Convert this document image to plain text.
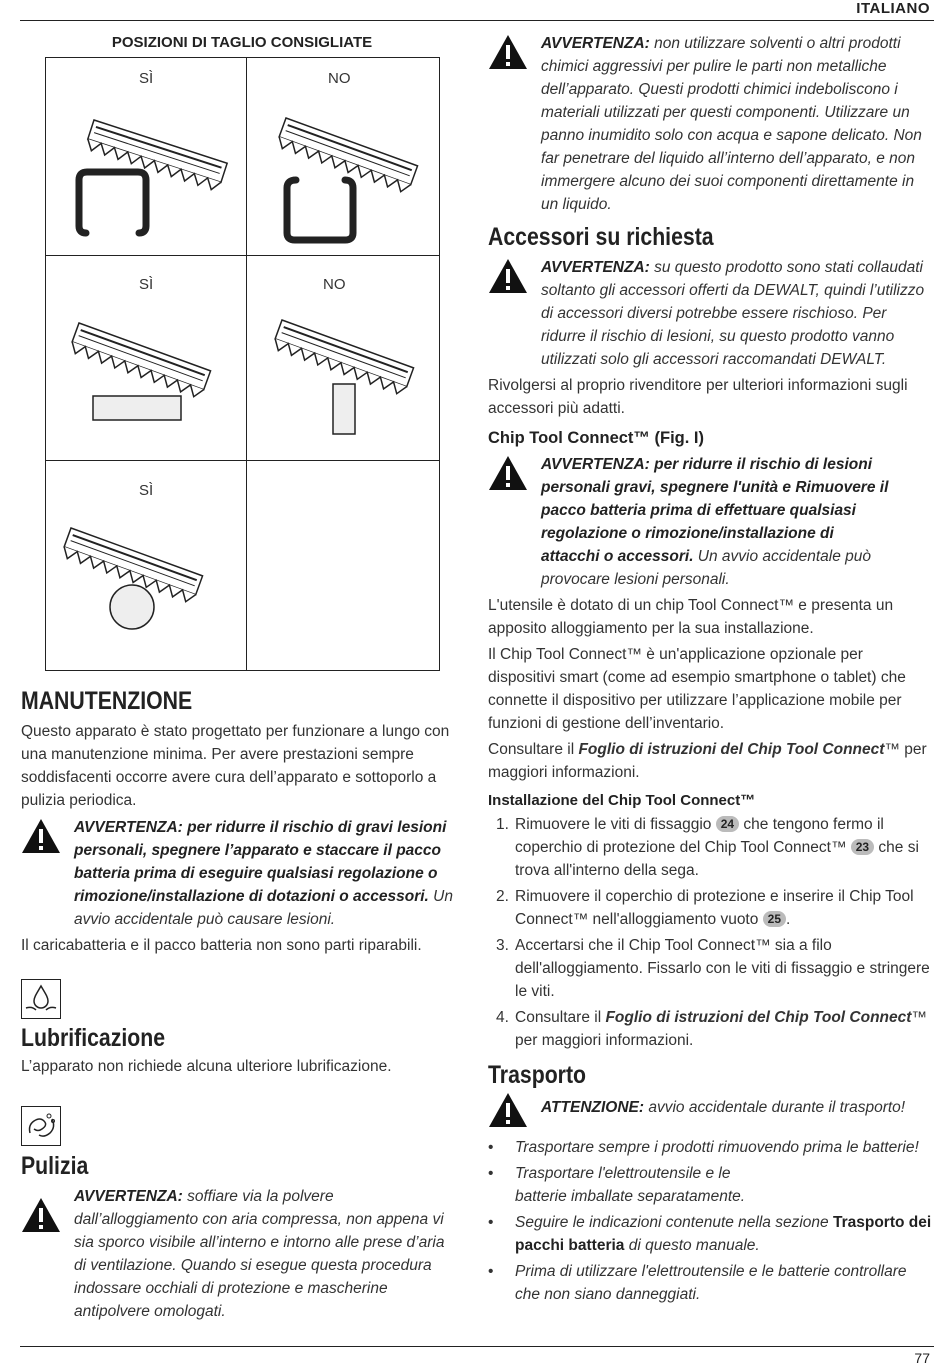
ITALIANO
POSIZIONI DI TAGLIO CONSIGLIATE
SÌ	NO
SÌ	NO
SÌ
MANUTENZIONE

Questo apparato è stato progettato per funzionare a lungo con una manutenzione minima. Per avere prestazioni sempre soddisfacenti occorre avere cura dell’apparato e sottoporlo a pulizia periodica.

AVVERTENZA: per ridurre il rischio di gravi lesioni personali, spegnere l’apparato e staccare il pacco batteria prima di eseguire qualsiasi regolazione o rimozione/installazione di dotazioni o accessori. Un avvio accidentale può causare lesioni.

Il caricabatteria e il pacco batteria non sono parti riparabili.

Lubrificazione

L’apparato non richiede alcuna ulteriore lubrificazione.

Pulizia
AVVERTENZA: soffiare via la polvere dall’alloggiamento con aria compressa, non appena vi sia sporco visibile all’interno e intorno alle prese d’aria di ventilazione. Quando si esegue questa procedura indossare occhiali di protezione e mascherine antipolvere omologati.
AVVERTENZA: non utilizzare solventi o altri prodotti chimici aggressivi per pulire le parti non metalliche dell’apparato. Questi prodotti chimici indeboliscono i materiali utilizzati per questi componenti. Utilizzare un panno inumidito solo con acqua e sapone delicato. Non far penetrare del liquido all’interno dell’apparato, e non immergere alcuno dei suoi componenti direttamente in un liquido.
Accessori su richiesta
AVVERTENZA: su questo prodotto sono stati collaudati soltanto gli accessori offerti da DEWALT, quindi l’utilizzo di accessori diversi potrebbe essere rischioso. Per ridurre il rischio di lesioni, su questo prodotto vanno utilizzati solo gli accessori raccomandati DEWALT.

Rivolgersi al proprio rivenditore per ulteriori informazioni sugli accessori più adatti.

Chip Tool Connect™ (Fig. I)
AVVERTENZA: per ridurre il rischio di lesioni personali gravi, spegnere l'unità e Rimuovere il pacco batteria prima di effettuare qualsiasi regolazione o rimozione/installazione di attacchi o accessori. Un avvio accidentale può provocare lesioni personali.

L'utensile è dotato di un chip Tool Connect™ e presenta un apposito alloggiamento per la sua installazione.

Il Chip Tool Connect™ è un'applicazione opzionale per dispositivi smart (come ad esempio smartphone o tablet) che connette il dispositivo per utilizzare l’applicazione mobile per funzioni di gestione dell’inventario.

Consultare il Foglio di istruzioni del Chip Tool Connect™ per maggiori informazioni.

Installazione del Chip Tool Connect™
1. Rimuovere le viti di fissaggio 24 che tengono fermo il coperchio di protezione del Chip Tool Connect™ 23 che si trova all'interno della sega.
2. Rimuovere il coperchio di protezione e inserire il Chip Tool Connect™ nell'alloggiamento vuoto 25 .
3. Accertarsi che il Chip Tool Connect™ sia a filo dell'alloggiamento. Fissarlo con le viti di fissaggio e stringere le viti.
4. Consultare il Foglio di istruzioni del Chip Tool Connect™ per maggiori informazioni.
Trasporto
ATTENZIONE: avvio accidentale durante il trasporto!
• Trasportare sempre i prodotti rimuovendo prima le batterie!
• Trasportare l'elettroutensile e le batterie imballate separatamente.
• Seguire le indicazioni contenute nella sezione Trasporto dei pacchi batteria di questo manuale.
• Prima di utilizzare l'elettroutensile e le batterie controllare che non siano danneggiati.
77
